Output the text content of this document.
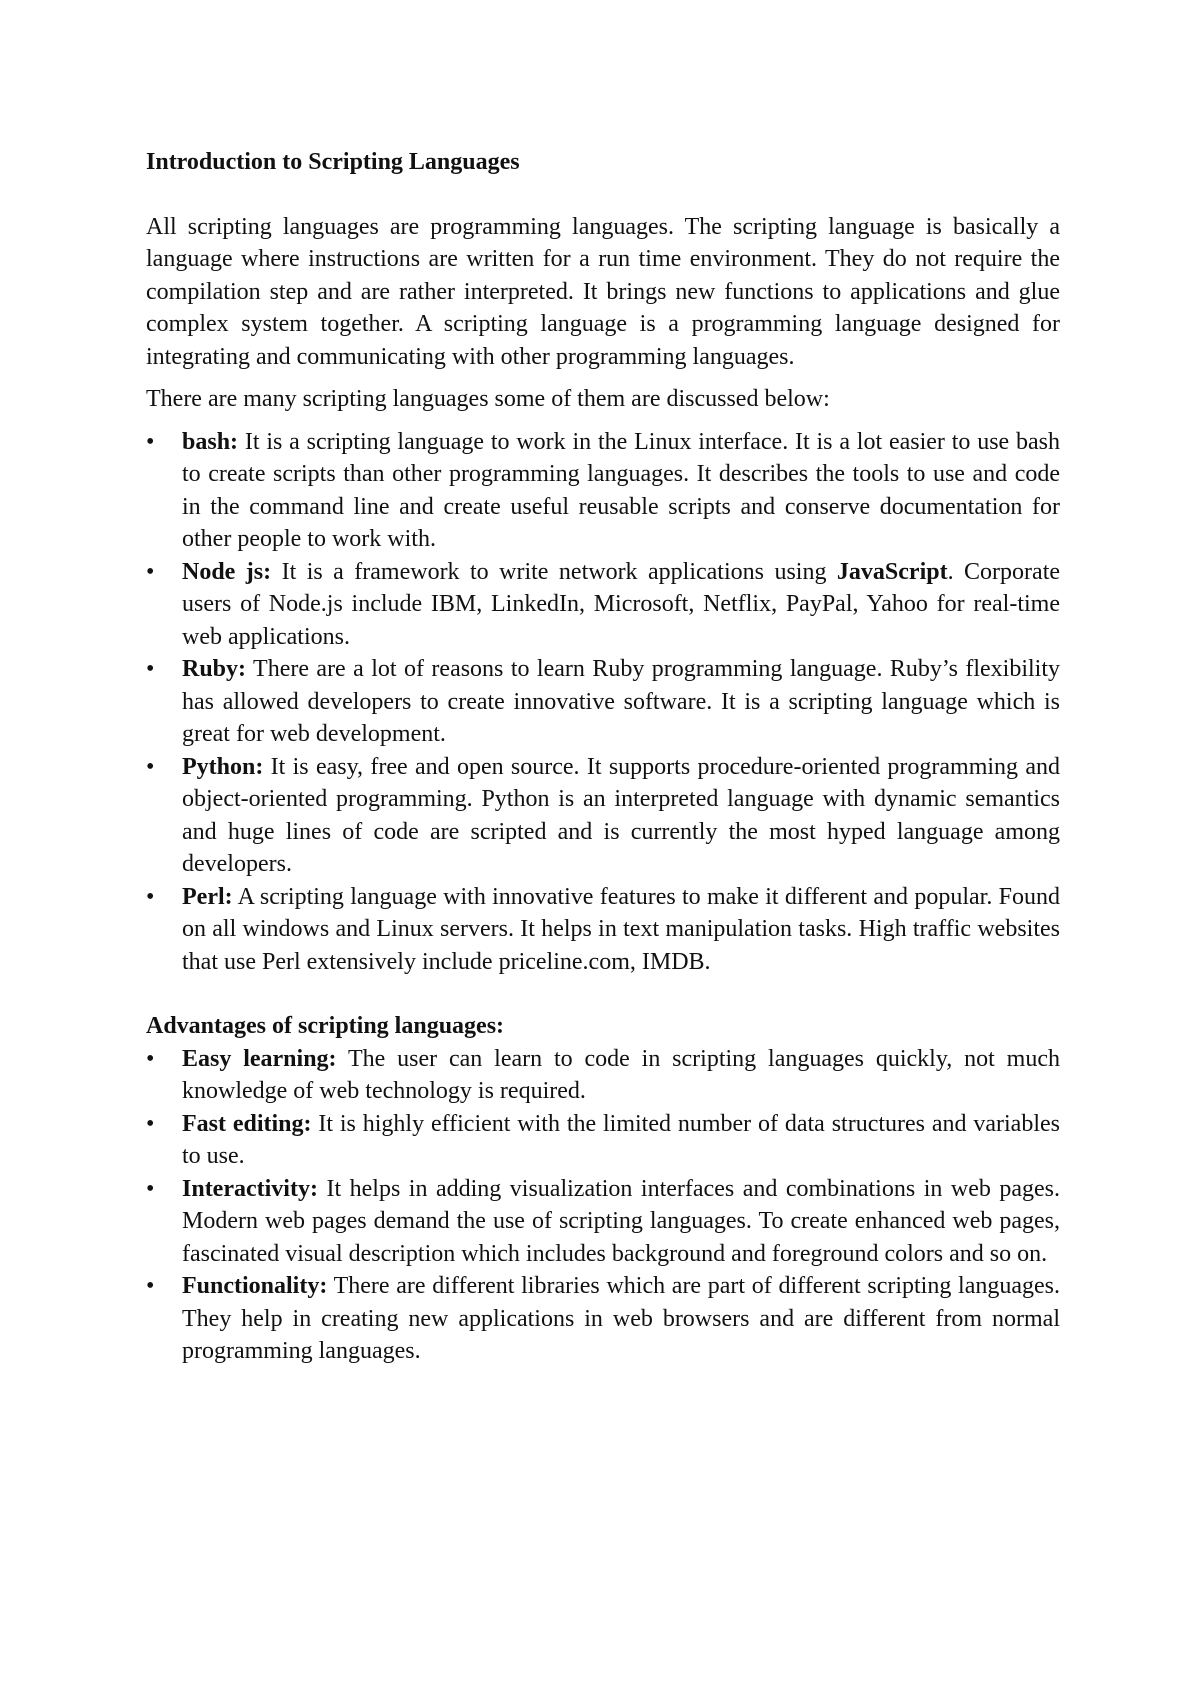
Introduction to Scripting Languages

All scripting languages are programming languages. The scripting language is basically a language where instructions are written for a run time environment. They do not require the compilation step and are rather interpreted. It brings new functions to applications and glue complex system together. A scripting language is a programming language designed for integrating and communicating with other programming languages.

There are many scripting languages some of them are discussed below:

•	bash: It is a scripting language to work in the Linux interface. It is a lot easier to use bash to create scripts than other programming languages. It describes the tools to use and code in the command line and create useful reusable scripts and conserve documentation for other people to work with.
•	Node js: It is a framework to write network applications using JavaScript. Corporate users of Node.js include IBM, LinkedIn, Microsoft, Netflix, PayPal, Yahoo for real-time web applications.
•	Ruby: There are a lot of reasons to learn Ruby programming language. Ruby’s flexibility has allowed developers to create innovative software. It is a scripting language which is great for web development.
•	Python: It is easy, free and open source. It supports procedure-oriented programming and object-oriented programming. Python is an interpreted language with dynamic semantics and huge lines of code are scripted and is currently the most hyped language among developers.
•	Perl: A scripting language with innovative features to make it different and popular. Found on all windows and Linux servers. It helps in text manipulation tasks. High traffic websites that use Perl extensively include priceline.com, IMDB.
Advantages of scripting languages:
•	Easy learning: The user can learn to code in scripting languages quickly, not much knowledge of web technology is required.
•	Fast editing: It is highly efficient with the limited number of data structures and variables to use.
•	Interactivity: It helps in adding visualization interfaces and combinations in web pages. Modern web pages demand the use of scripting languages. To create enhanced web pages, fascinated visual description which includes background and foreground colors and so on.
•	Functionality: There are different libraries which are part of different scripting languages. They help in creating new applications in web browsers and are different from normal programming languages.
